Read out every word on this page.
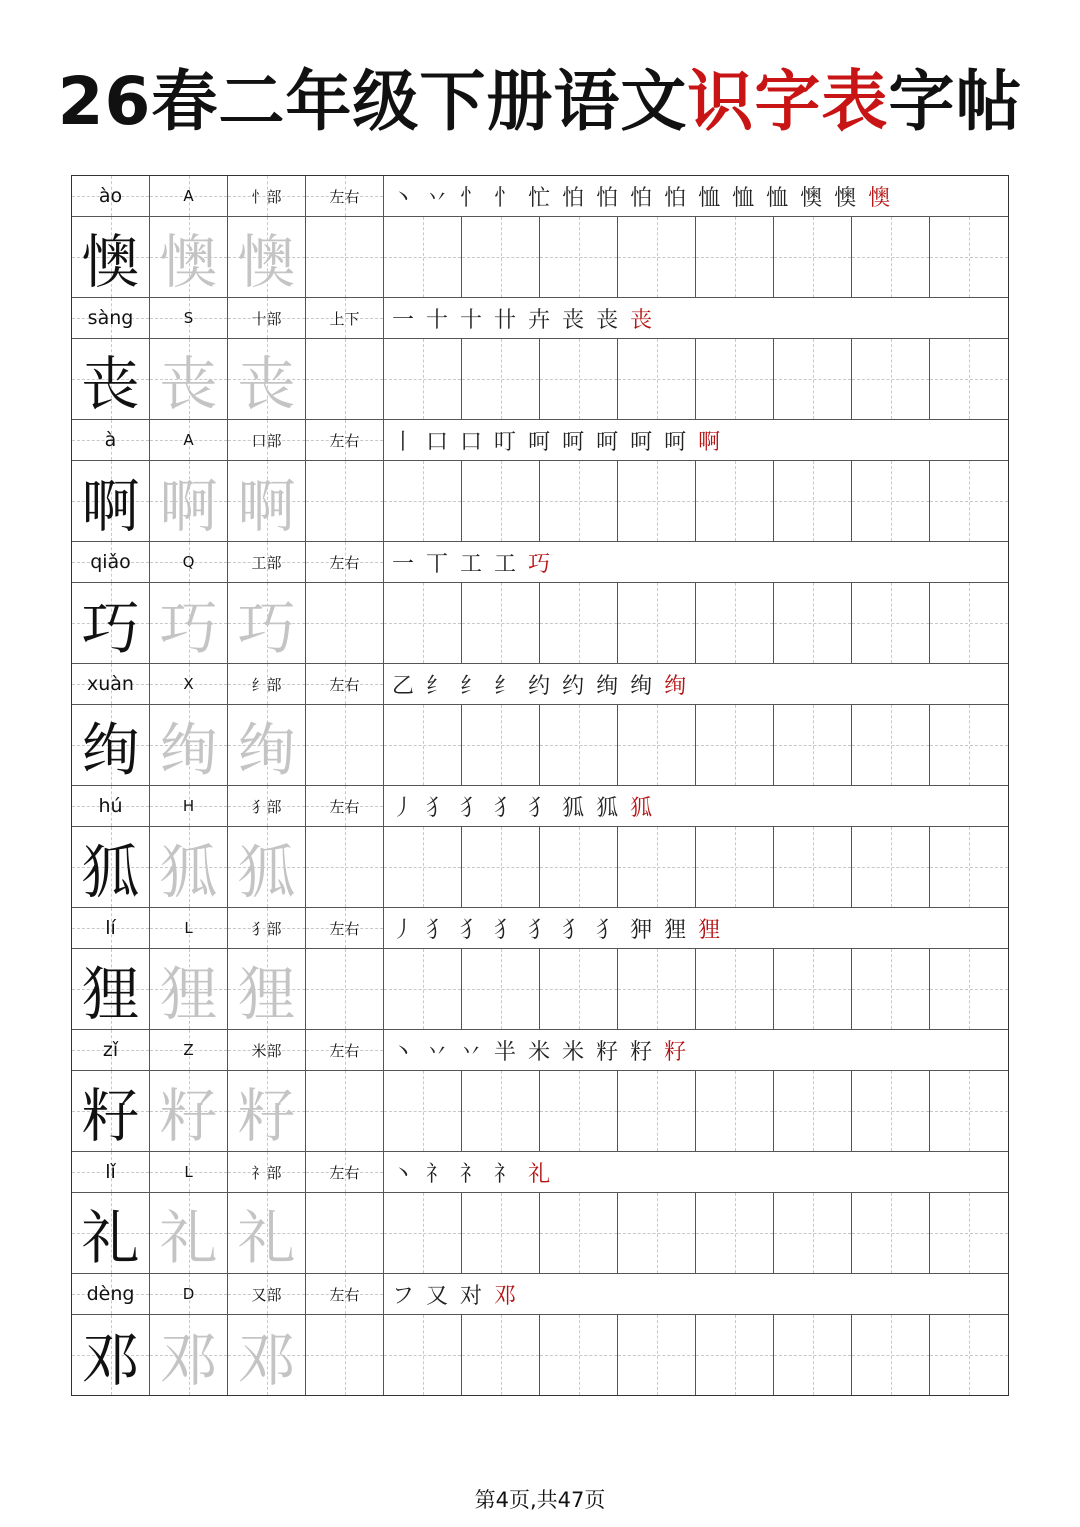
26春二年级下册语文识字表字帖
ào	A	忄部	左右 丶 丷 忄 忄 忙 怕 怕 怕 怕 恤 恤 恤 懊 懊 懊
懊 懊 懊
sàng	S	十部	上下 一 十 十 卄 卉 丧 丧 丧
丧 丧 丧
à	A	口部	左右 丨 口 口 叮 呵 呵 呵 呵 呵 啊
啊 啊 啊
qiǎo	Q	工部	左右 一 丅 工 工 巧
巧 巧 巧
xuàn	X	纟部	左右 乙 纟 纟 纟 约 约 绚 绚 绚
绚 绚 绚
hú	H	犭部	左右 丿 犭 犭 犭 犭 狐 狐 狐
狐 狐 狐
lí	L	犭部	左右 丿 犭 犭 犭 犭 犭 犭 狎 狸 狸
狸 狸 狸
zǐ	Z	米部	左右 丶 丷 丷 半 米 米 籽 籽 籽
籽 籽 籽
lǐ	L	礻部	左右 丶 礻 礻 礻 礼
礼 礼 礼
dèng	D	又部	左右 フ 又 对 邓
邓 邓 邓
第4页,共47页
